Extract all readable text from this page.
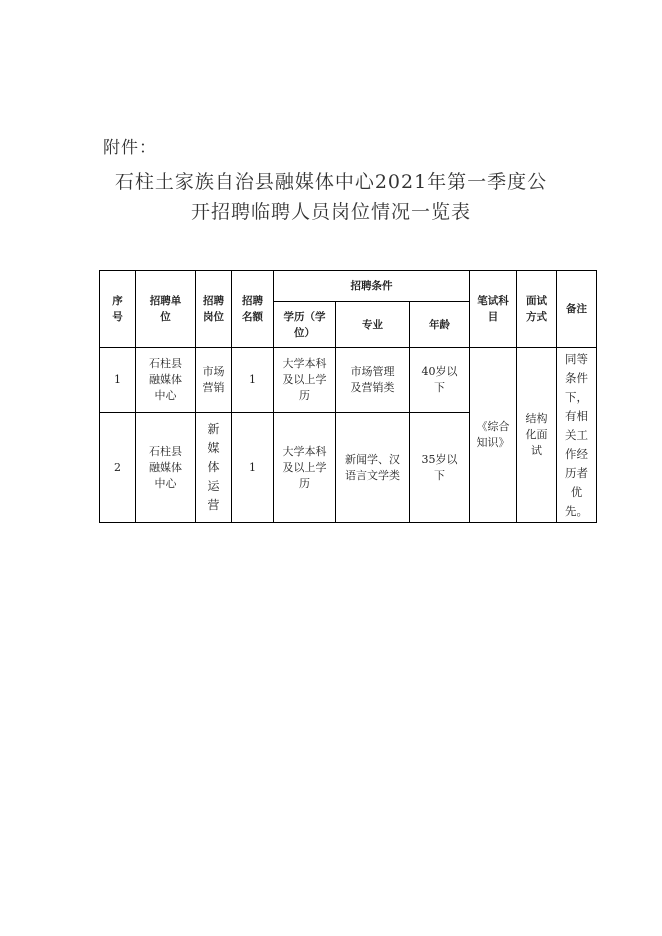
附件：
石柱土家族自治县融媒体中心2021年第一季度公
开招聘临聘人员岗位情况一览表
序号	招聘单位	招聘岗位	招聘名额	招聘条件			笔试科目	面试方式	备注
				学历（学位）	专业	年龄			
1	石柱县融媒体中心	市场营销	1	大学本科及以上学历	市场管理及营销类	40岁以下	《综合知识》	结构化面试	同等条件下，有相关工作经历者优先。
2	石柱县融媒体中心	新媒体运营	1	大学本科及以上学历	新闻学、汉语言文学类	35岁以下			
